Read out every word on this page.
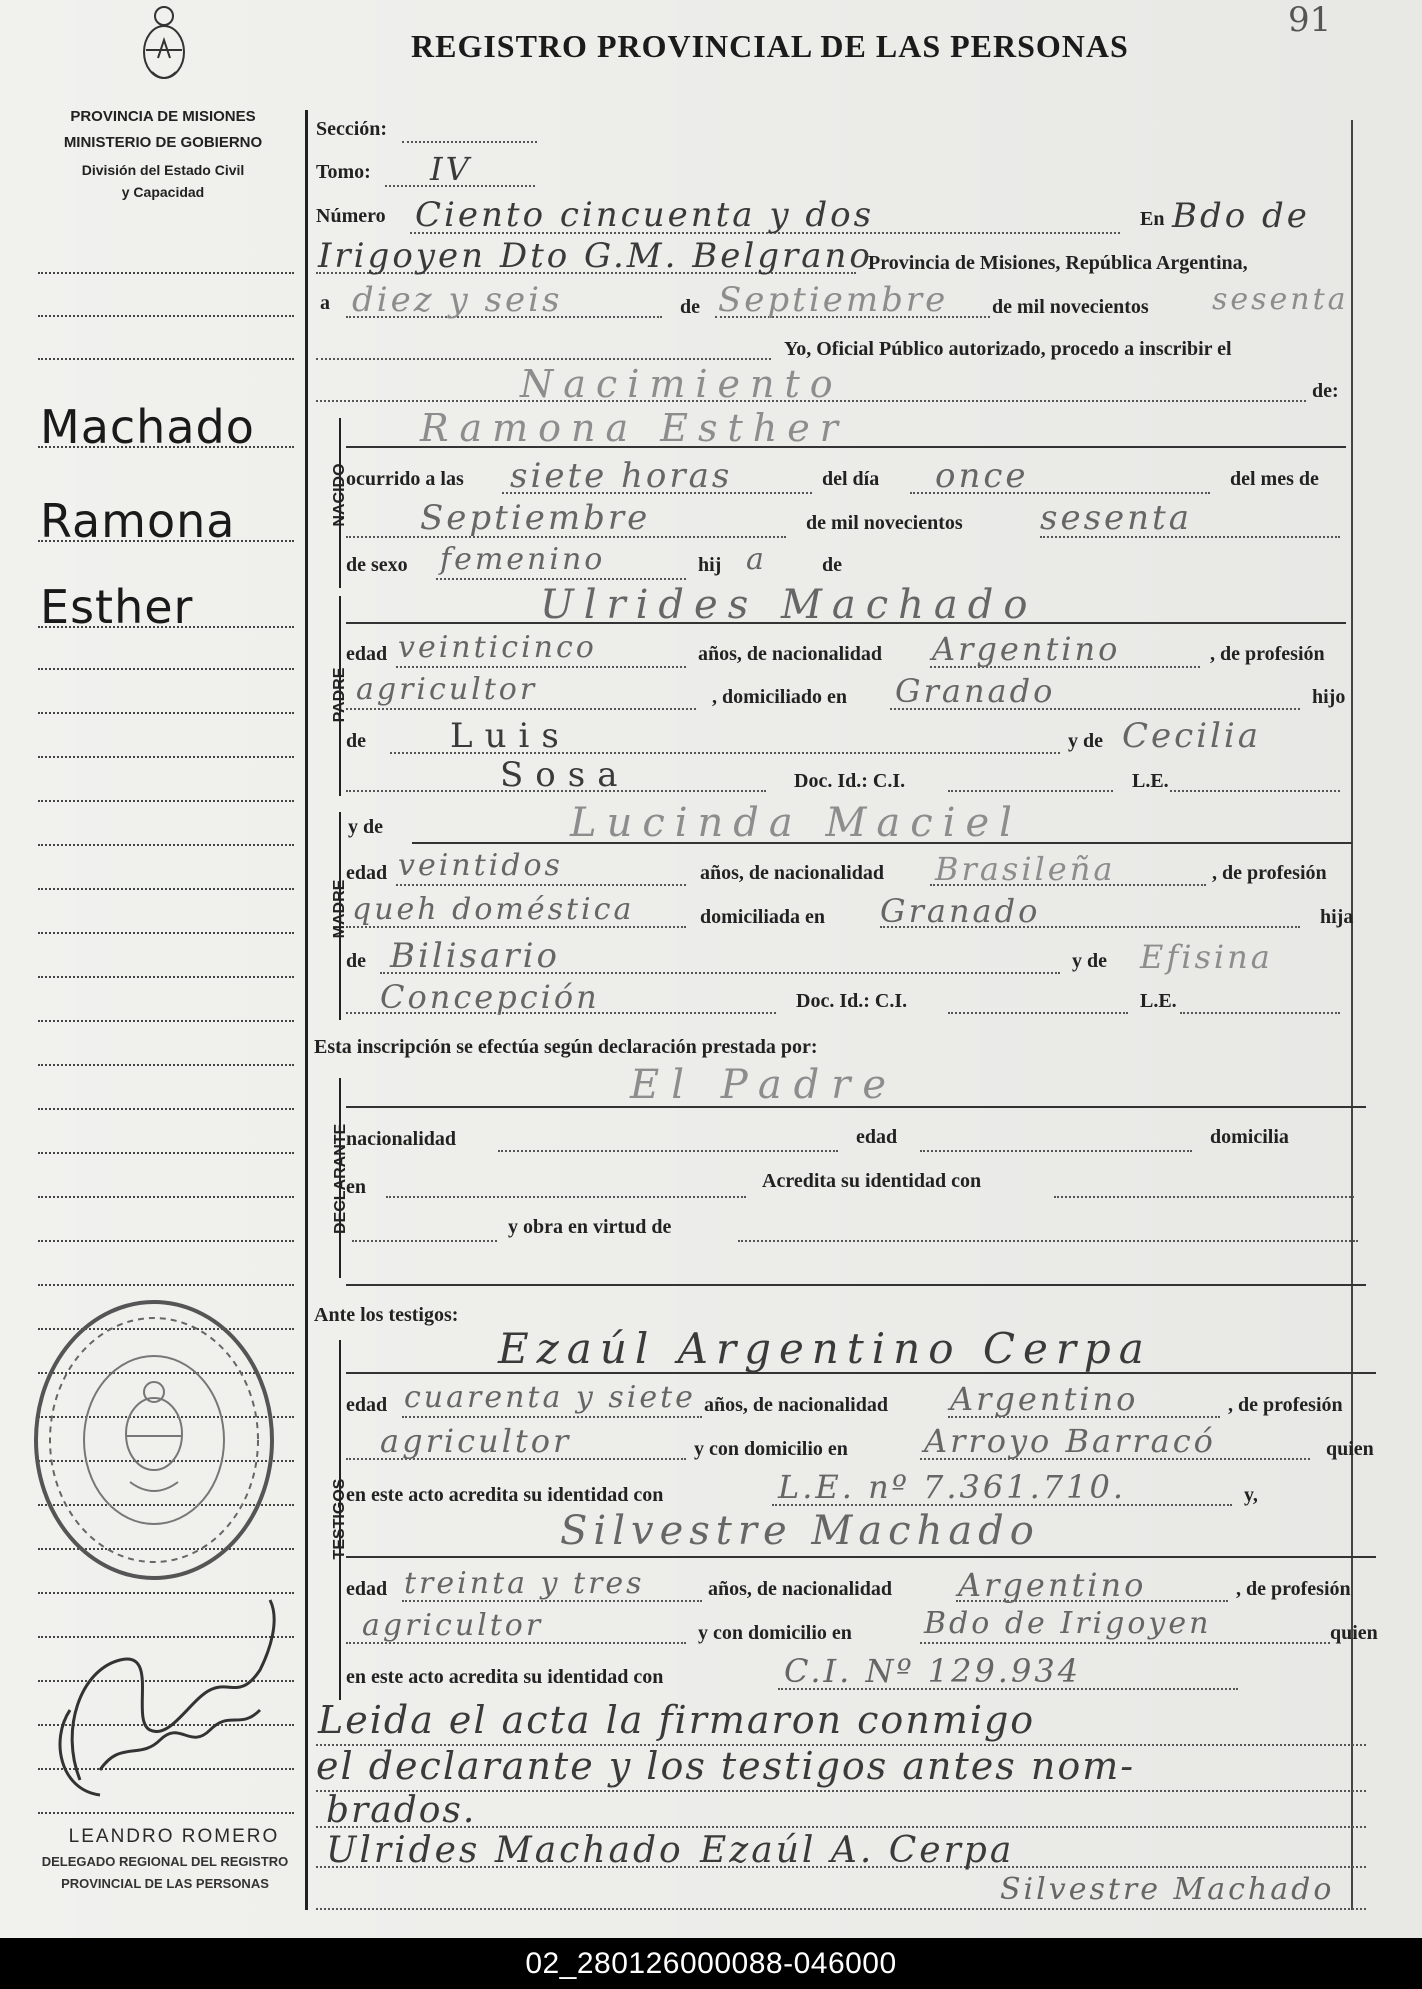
REGISTRO PROVINCIAL DE LAS PERSONAS
91
PROVINCIA DE MISIONES
MINISTERIO DE GOBIERNO
División del Estado Civil
y Capacidad
Machado
Ramona
Esther
Sección:
Tomo: IV
Número Ciento cincuenta y dos	En Bdo de
Irigoyen Dto G.M. Belgrano
Provincia de Misiones, República Argentina,
a diez y seis	de Septiembre de mil novecientos sesenta
Yo, Oficial Público autorizado, procedo a inscribir el
Nacimiento	de:
NACIDO
Ramona Esther
ocurrido a las siete horas	del día once	del mes de
Septiembre	de mil novecientos sesenta
de sexo femenino	hij a	de
PADRE
Ulrides Machado
edad veinticinco	años, de nacionalidad Argentino	, de profesión
agricultor	, domiciliado en Granado	hijo
de Luis	y de Cecilia
Sosa	Doc. Id.: C.I.	L.E.
MADRE
y de	Lucinda Maciel
edad veintidos	años, de nacionalidad Brasileña	, de profesión
queh doméstica	domiciliada en Granado	hija
de Bilisario	y de Efisina
Concepción	Doc. Id.: C.I.	L.E.
Esta inscripción se efectúa según declaración prestada por:
DECLARANTE
El Padre
nacionalidad	edad	domicilia
en	Acredita su identidad con
y obra en virtud de
Ante los testigos:
TESTIGOS
Ezaúl Argentino Cerpa
edad cuarenta y siete años, de nacionalidad Argentino	, de profesión
agricultor	y con domicilio en Arroyo Barracó	quien
en este acto acredita su identidad con	L.E. nº 7.361.710.	y,
Silvestre Machado
edad treinta y tres	años, de nacionalidad Argentino	, de profesión
agricultor	y con domicilio en Bdo de Irigoyen	quien
en este acto acredita su identidad con	C.I. Nº 129.934
Leida el acta la firmaron conmigo
el declarante y los testigos antes nom-
brados.
Ulrides Machado Ezaúl A. Cerpa
Silvestre Machado
LEANDRO ROMERO
DELEGADO REGIONAL DEL REGISTRO
PROVINCIAL DE LAS PERSONAS
02_280126000088-046000
